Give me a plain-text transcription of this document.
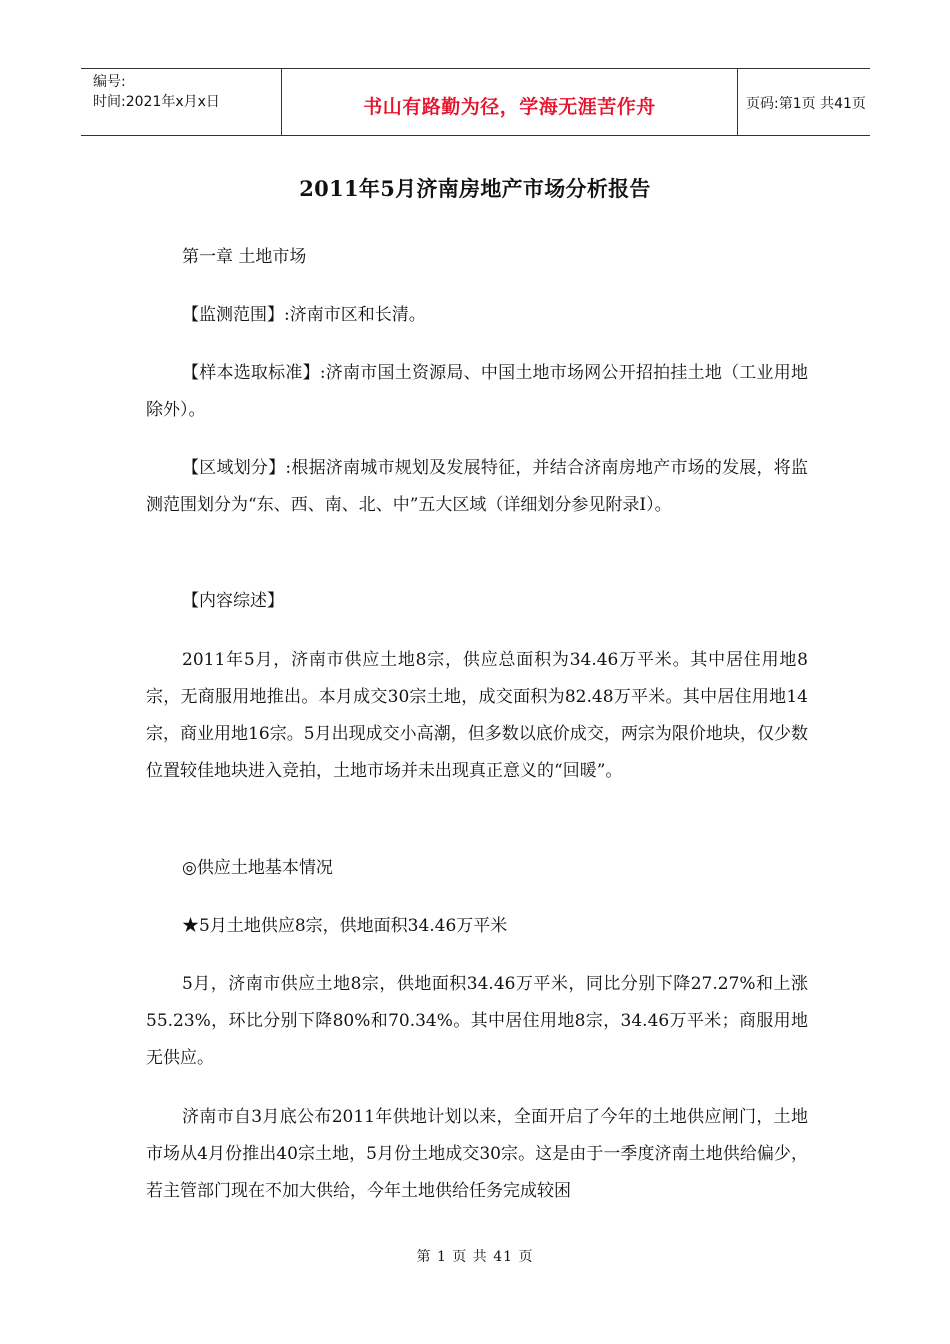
编号:
时间:2021年x月x日	书山有路勤为径，学海无涯苦作舟	页码:第1页 共41页
2011年5月济南房地产市场分析报告
第一章 土地市场
【监测范围】:济南市区和长清。
【样本选取标准】:济南市国土资源局、中国土地市场网公开招拍挂土地（工业用地除外）。
【区域划分】:根据济南城市规划及发展特征，并结合济南房地产市场的发展，将监测范围划分为“东、西、南、北、中”五大区域（详细划分参见附录Ⅰ）。
【内容综述】
2011年5月，济南市供应土地8宗，供应总面积为34.46万平米。其中居住用地8宗，无商服用地推出。本月成交30宗土地，成交面积为82.48万平米。其中居住用地14宗，商业用地16宗。5月出现成交小高潮，但多数以底价成交，两宗为限价地块，仅少数位置较佳地块进入竞拍，土地市场并未出现真正意义的“回暖”。
◎供应土地基本情况
★5月土地供应8宗，供地面积34.46万平米
5月，济南市供应土地8宗，供地面积34.46万平米，同比分别下降27.27%和上涨55.23%，环比分别下降80%和70.34%。其中居住用地8宗，34.46万平米；商服用地无供应。
济南市自3月底公布2011年供地计划以来，全面开启了今年的土地供应闸门，土地市场从4月份推出40宗土地，5月份土地成交30宗。这是由于一季度济南土地供给偏少，若主管部门现在不加大供给，今年土地供给任务完成较困
第 1 页 共 41 页
